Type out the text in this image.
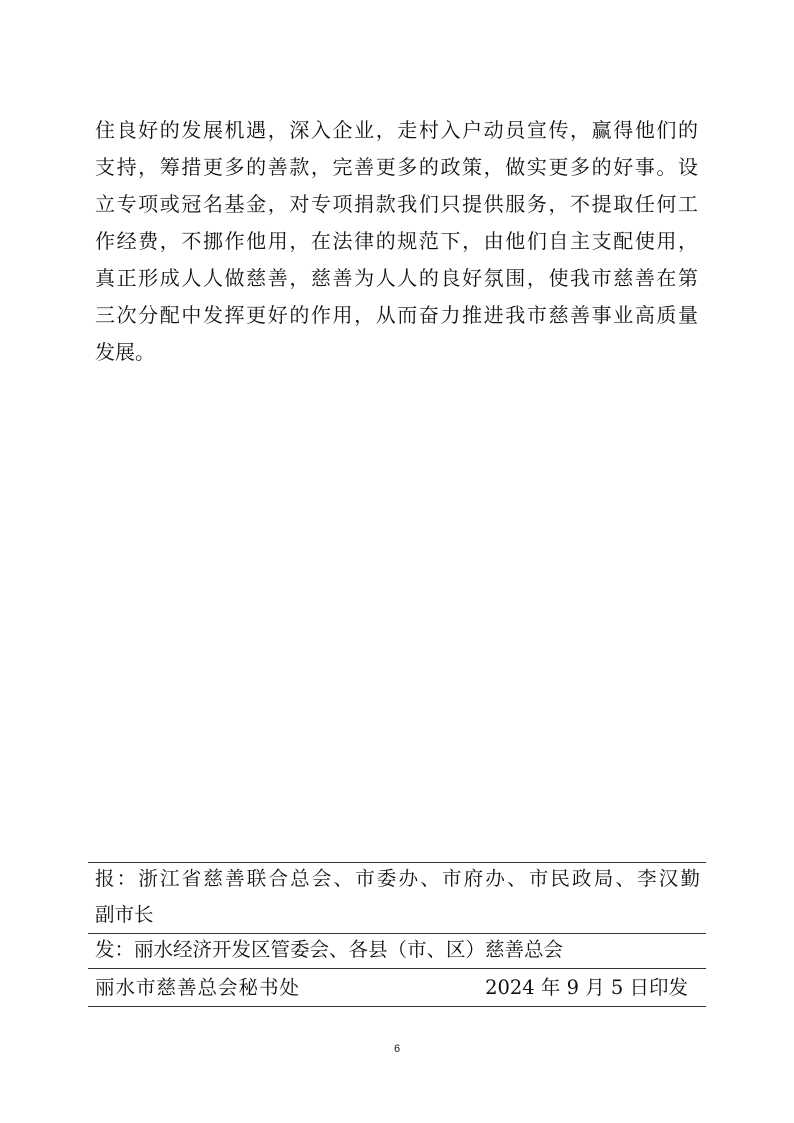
住良好的发展机遇，深入企业，走村入户动员宣传，赢得他们的
支持，筹措更多的善款，完善更多的政策，做实更多的好事。设
立专项或冠名基金，对专项捐款我们只提供服务，不提取任何工
作经费，不挪作他用，在法律的规范下，由他们自主支配使用，
真正形成人人做慈善，慈善为人人的良好氛围，使我市慈善在第
三次分配中发挥更好的作用，从而奋力推进我市慈善事业高质量
发展。
报：浙江省慈善联合总会、市委办、市府办、市民政局、李汉勤
副市长
发：丽水经济开发区管委会、各县（市、区）慈善总会
丽水市慈善总会秘书处	2024 年 9 月 5 日印发
6
